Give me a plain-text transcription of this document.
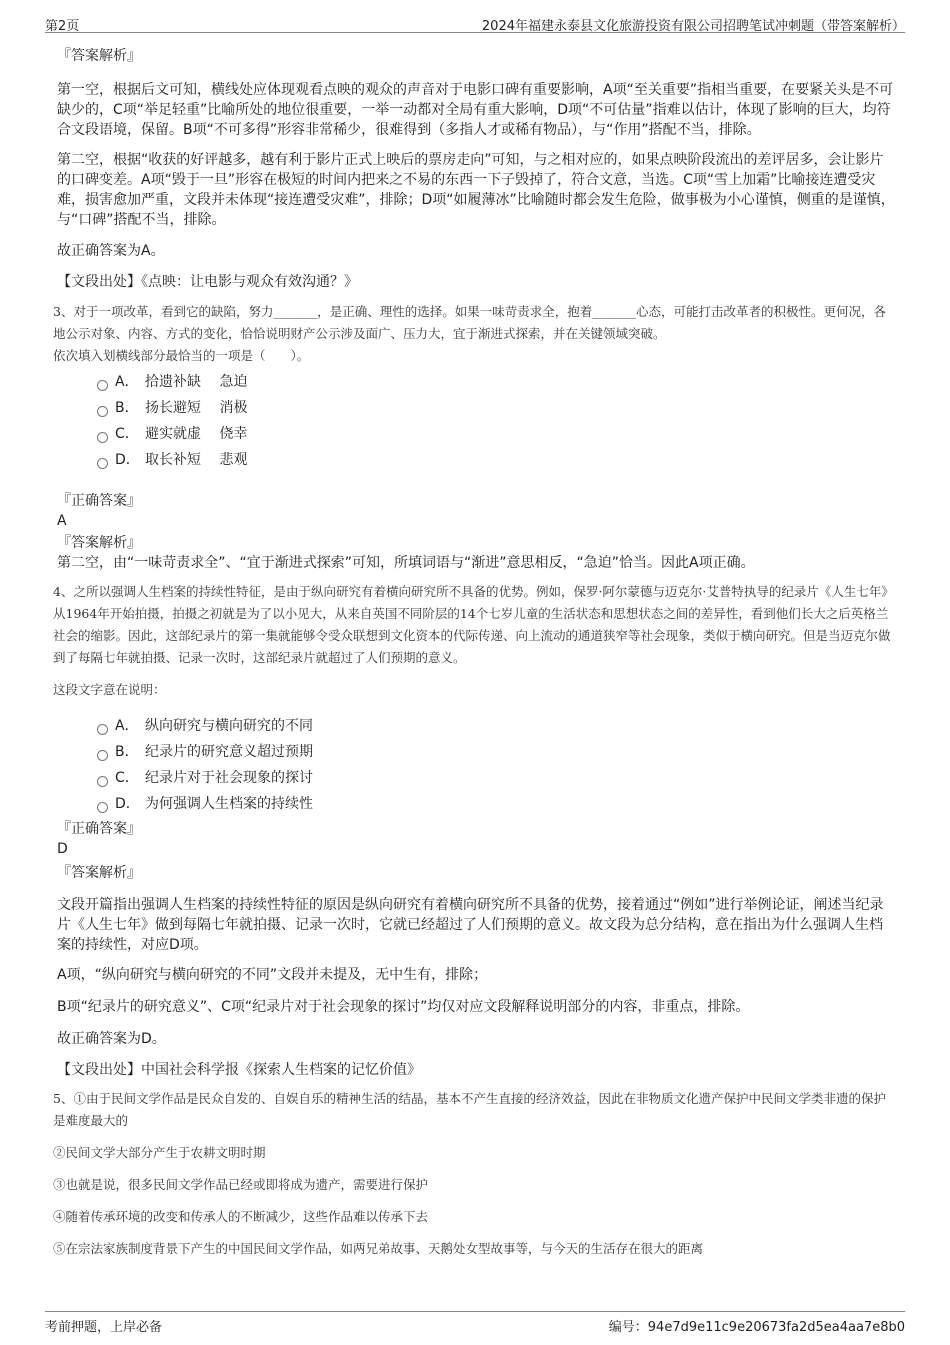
第2页	2024年福建永泰县文化旅游投资有限公司招聘笔试冲刺题（带答案解析）

『答案解析』

第一空，根据后文可知，横线处应体现观看点映的观众的声音对于电影口碑有重要影响，A项“至关重要”指相当重要，在要紧关头是不可缺少的，C项“举足轻重”比喻所处的地位很重要，一举一动都对全局有重大影响，D项“不可估量”指难以估计，体现了影响的巨大，均符合文段语境，保留。B项“不可多得”形容非常稀少，很难得到（多指人才或稀有物品），与“作用”搭配不当，排除。

第二空，根据“收获的好评越多，越有利于影片正式上映后的票房走向”可知，与之相对应的，如果点映阶段流出的差评居多，会让影片的口碑变差。A项“毁于一旦”形容在极短的时间内把来之不易的东西一下子毁掉了，符合文意，当选。C项“雪上加霜”比喻接连遭受灾难，损害愈加严重，文段并未体现“接连遭受灾难”，排除；D项“如履薄冰”比喻随时都会发生危险，做事极为小心谨慎，侧重的是谨慎，与“口碑”搭配不当，排除。

故正确答案为A。

【文段出处】《点映：让电影与观众有效沟通？》

3、对于一项改革，看到它的缺陷，努力_______，是正确、理性的选择。如果一味苛责求全，抱着_______心态，可能打击改革者的积极性。更何况，各地公示对象、内容、方式的变化，恰恰说明财产公示涉及面广、压力大，宜于渐进式探索，并在关键领域突破。

依次填入划横线部分最恰当的一项是（　　）。

A． 拾遗补缺　 急迫
B． 扬长避短　 消极
C． 避实就虚　 侥幸
D． 取长补短　 悲观

『正确答案』

A

『答案解析』

第二空，由“一味苛责求全”、“宜于渐进式探索”可知，所填词语与“渐进”意思相反，“急迫”恰当。因此A项正确。

4、之所以强调人生档案的持续性特征，是由于纵向研究有着横向研究所不具备的优势。例如，保罗·阿尔蒙德与迈克尔·艾普特执导的纪录片《人生七年》从1964年开始拍摄，拍摄之初就是为了以小见大，从来自英国不同阶层的14个七岁儿童的生活状态和思想状态之间的差异性，看到他们长大之后英格兰社会的缩影。因此，这部纪录片的第一集就能够令受众联想到文化资本的代际传递、向上流动的通道狭窄等社会现象，类似于横向研究。但是当迈克尔做到了每隔七年就拍摄、记录一次时，这部纪录片就超过了人们预期的意义。

这段文字意在说明：

A． 纵向研究与横向研究的不同
B． 纪录片的研究意义超过预期
C． 纪录片对于社会现象的探讨
D． 为何强调人生档案的持续性

『正确答案』

D

『答案解析』

文段开篇指出强调人生档案的持续性特征的原因是纵向研究有着横向研究所不具备的优势，接着通过“例如”进行举例论证，阐述当纪录片《人生七年》做到每隔七年就拍摄、记录一次时，它就已经超过了人们预期的意义。故文段为总分结构，意在指出为什么强调人生档案的持续性，对应D项。

A项，“纵向研究与横向研究的不同”文段并未提及，无中生有，排除；

B项“纪录片的研究意义”、C项“纪录片对于社会现象的探讨”均仅对应文段解释说明部分的内容，非重点，排除。

故正确答案为D。

【文段出处】中国社会科学报《探索人生档案的记忆价值》

5、①由于民间文学作品是民众自发的、自娱自乐的精神生活的结晶，基本不产生直接的经济效益，因此在非物质文化遗产保护中民间文学类非遗的保护是难度最大的

②民间文学大部分产生于农耕文明时期

③也就是说，很多民间文学作品已经或即将成为遗产，需要进行保护

④随着传承环境的改变和传承人的不断减少，这些作品难以传承下去

⑤在宗法家族制度背景下产生的中国民间文学作品，如两兄弟故事、天鹅处女型故事等，与今天的生活存在很大的距离

考前押题，上岸必备	编号：94e7d9e11c9e20673fa2d5ea4aa7e8b0
